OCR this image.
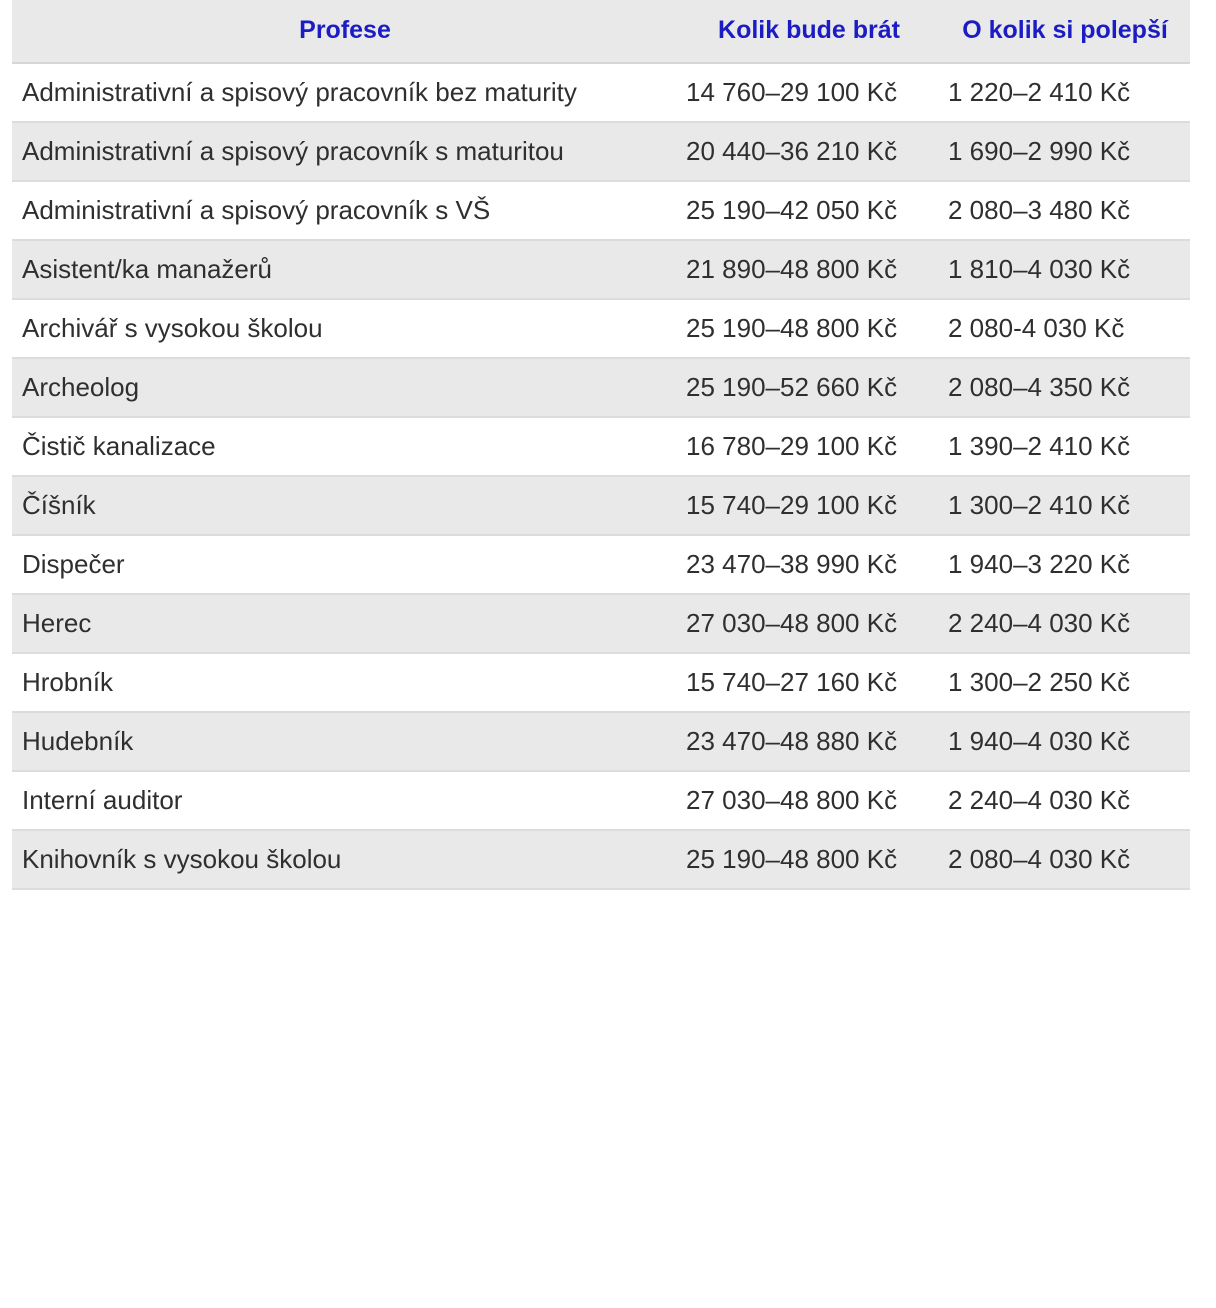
Profese	Kolik bude brát	O kolik si polepší
Administrativní a spisový pracovník bez maturity	14 760–29 100 Kč	1 220–2 410 Kč
Administrativní a spisový pracovník s maturitou	20 440–36 210 Kč	1 690–2 990 Kč
Administrativní a spisový pracovník s VŠ	25 190–42 050 Kč	2 080–3 480 Kč
Asistent/ka manažerů	21 890–48 800 Kč	1 810–4 030 Kč
Archivář s vysokou školou	25 190–48 800 Kč	2 080-4 030 Kč
Archeolog	25 190–52 660 Kč	2 080–4 350 Kč
Čistič kanalizace	16 780–29 100 Kč	1 390–2 410 Kč
Číšník	15 740–29 100 Kč	1 300–2 410 Kč
Dispečer	23 470–38 990 Kč	1 940–3 220 Kč
Herec	27 030–48 800 Kč	2 240–4 030 Kč
Hrobník	15 740–27 160 Kč	1 300–2 250 Kč
Hudebník	23 470–48 880 Kč	1 940–4 030 Kč
Interní auditor	27 030–48 800 Kč	2 240–4 030 Kč
Knihovník s vysokou školou	25 190–48 800 Kč	2 080–4 030 Kč
